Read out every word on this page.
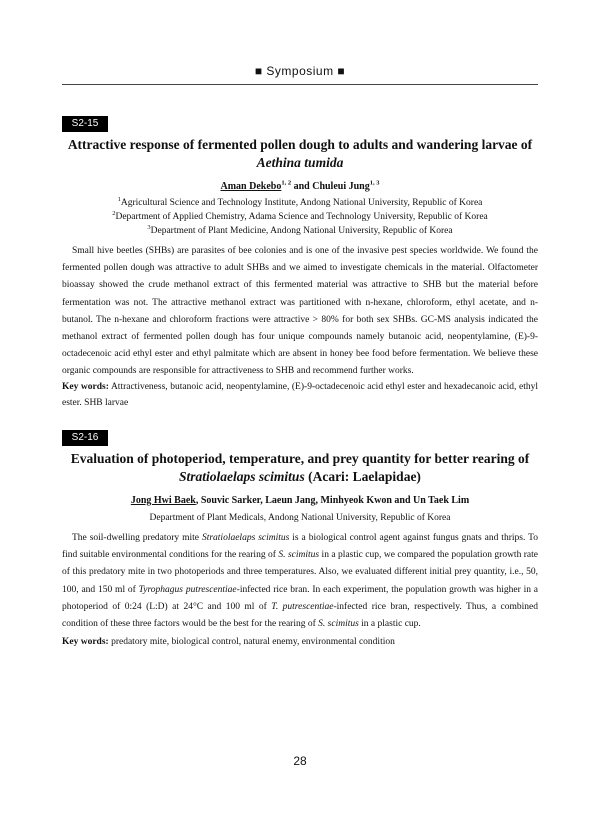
■ Symposium ■
S2-15
Attractive response of fermented pollen dough to adults and wandering larvae of
Aethina tumida
Aman Dekebo$^{1, 2}$ and Chuleui Jung$^{1, 3}$
$^1$Agricultural Science and Technology Institute, Andong National University, Republic of Korea
$^2$Department of Applied Chemistry, Adama Science and Technology University, Republic of Korea
$^3$Department of Plant Medicine, Andong National University, Republic of Korea
Small hive beetles (SHBs) are parasites of bee colonies and is one of the invasive pest species worldwide. We found the fermented pollen dough was attractive to adult SHBs and we aimed to investigate chemicals in the material. Olfactometer bioassay showed the crude methanol extract of this fermented material was attractive to SHB but the material before fermentation was not. The attractive methanol extract was partitioned with n-hexane, chloroform, ethyl acetate, and n-butanol. The n-hexane and chloroform fractions were attractive > 80% for both sex SHBs. GC-MS analysis indicated the methanol extract of fermented pollen dough has four unique compounds namely butanoic acid, neopentylamine, (E)-9-octadecenoic acid ethyl ester and ethyl palmitate which are absent in honey bee food before fermentation. We believe these organic compounds are responsible for attractiveness to SHB and recommend further works.
Key words: Attractiveness, butanoic acid, neopentylamine, (E)-9-octadecenoic acid ethyl ester and hexadecanoic acid, ethyl ester. SHB larvae
S2-16
Evaluation of photoperiod, temperature, and prey quantity for better rearing of
Stratiolaelaps scimitus (Acari: Laelapidae)
Jong Hwi Baek, Souvic Sarker, Laeun Jang, Minhyeok Kwon and Un Taek Lim
Department of Plant Medicals, Andong National University, Republic of Korea
The soil-dwelling predatory mite Stratiolaelaps scimitus is a biological control agent against fungus gnats and thrips. To find suitable environmental conditions for the rearing of S. scimitus in a plastic cup, we compared the population growth rate of this predatory mite in two photoperiods and three temperatures. Also, we evaluated different initial prey quantity, i.e., 50, 100, and 150 ml of Tyrophagus putrescentiae-infected rice bran. In each experiment, the population growth was higher in a photoperiod of 0:24 (L:D) at 24°C and 100 ml of T. putrescentiae-infected rice bran, respectively. Thus, a combined condition of these three factors would be the best for the rearing of S. scimitus in a plastic cup.
Key words: predatory mite, biological control, natural enemy, environmental condition
28
